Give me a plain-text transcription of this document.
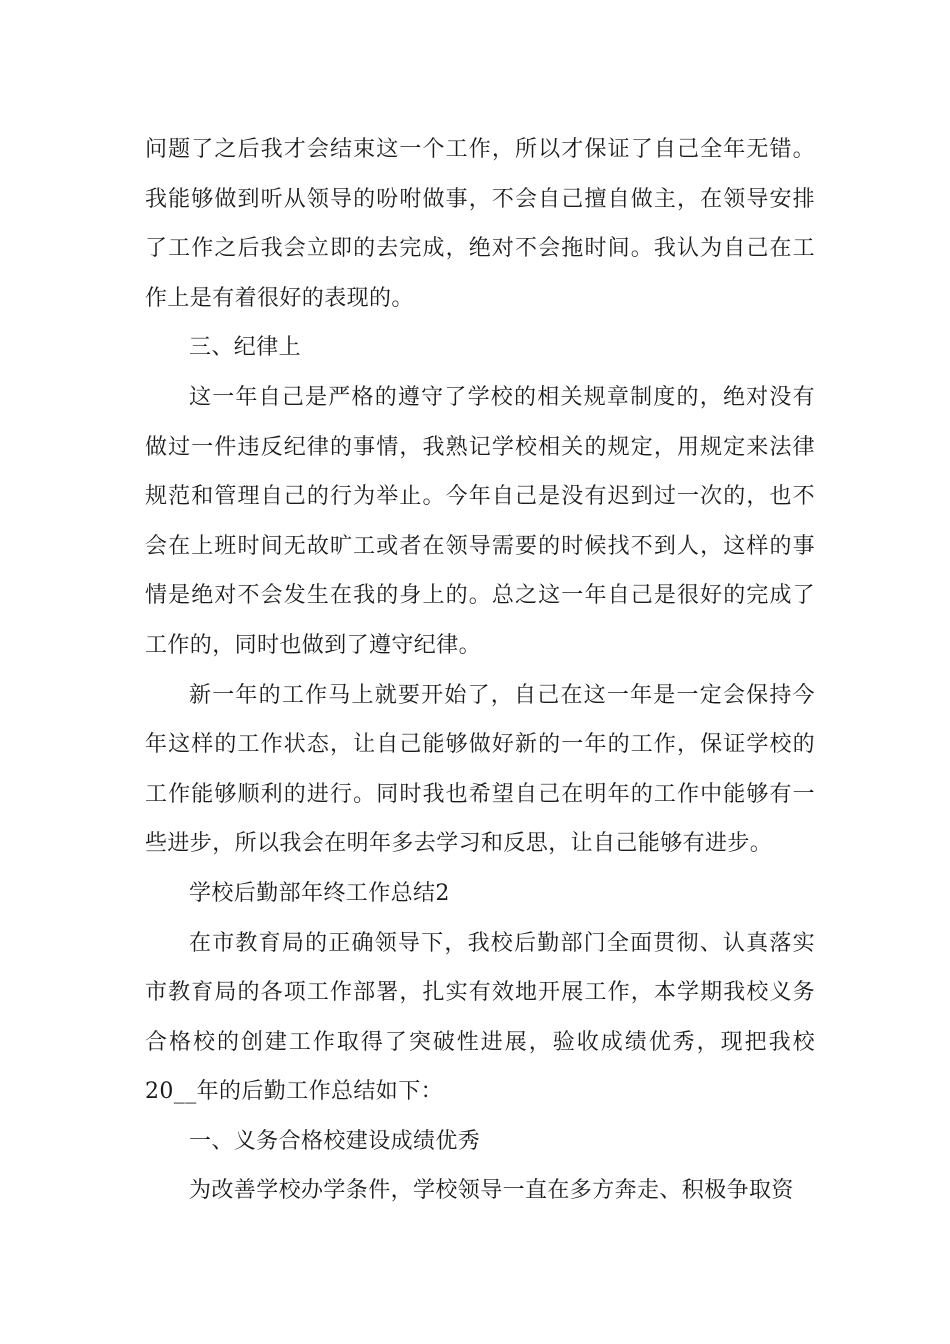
问题了之后我才会结束这一个工作，所以才保证了自己全年无错。我能够做到听从领导的吩咐做事，不会自己擅自做主，在领导安排了工作之后我会立即的去完成，绝对不会拖时间。我认为自己在工作上是有着很好的表现的。

三、纪律上

这一年自己是严格的遵守了学校的相关规章制度的，绝对没有做过一件违反纪律的事情，我熟记学校相关的规定，用规定来法律规范和管理自己的行为举止。今年自己是没有迟到过一次的，也不会在上班时间无故旷工或者在领导需要的时候找不到人，这样的事情是绝对不会发生在我的身上的。总之这一年自己是很好的完成了工作的，同时也做到了遵守纪律。

新一年的工作马上就要开始了，自己在这一年是一定会保持今年这样的工作状态，让自己能够做好新的一年的工作，保证学校的工作能够顺利的进行。同时我也希望自己在明年的工作中能够有一些进步，所以我会在明年多去学习和反思，让自己能够有进步。

学校后勤部年终工作总结2

在市教育局的正确领导下，我校后勤部门全面贯彻、认真落实市教育局的各项工作部署，扎实有效地开展工作，本学期我校义务合格校的创建工作取得了突破性进展，验收成绩优秀，现把我校20__年的后勤工作总结如下：

一、义务合格校建设成绩优秀

为改善学校办学条件，学校领导一直在多方奔走、积极争取资
